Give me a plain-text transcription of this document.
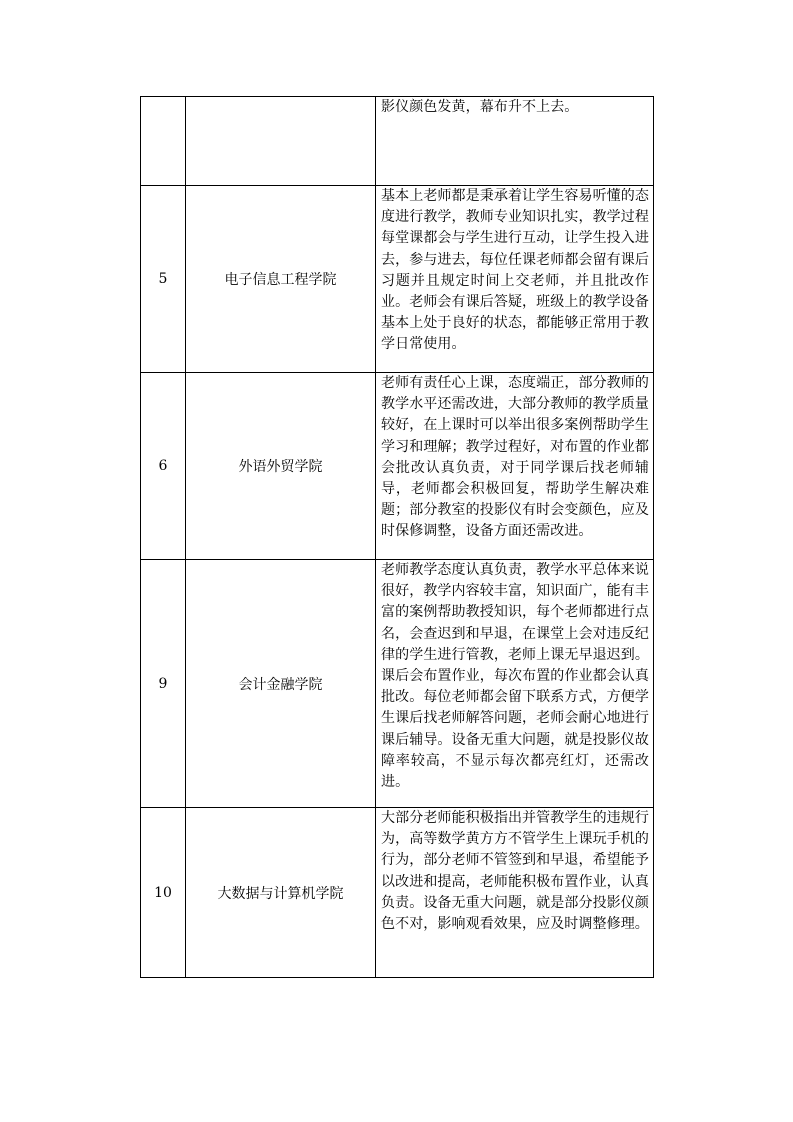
		影仪颜色发黄，幕布升不上去。

5	电子信息工程学院	基本上老师都是秉承着让学生容易听懂的态度进行教学，教师专业知识扎实，教学过程每堂课都会与学生进行互动，让学生投入进去，参与进去，每位任课老师都会留有课后习题并且规定时间上交老师，并且批改作业。老师会有课后答疑，班级上的教学设备基本上处于良好的状态，都能够正常用于教学日常使用。

6	外语外贸学院	老师有责任心上课，态度端正，部分教师的教学水平还需改进，大部分教师的教学质量较好，在上课时可以举出很多案例帮助学生学习和理解；教学过程好，对布置的作业都会批改认真负责，对于同学课后找老师辅导，老师都会积极回复，帮助学生解决难题；部分教室的投影仪有时会变颜色，应及时保修调整，设备方面还需改进。

9	会计金融学院	老师教学态度认真负责，教学水平总体来说很好，教学内容较丰富，知识面广，能有丰富的案例帮助教授知识，每个老师都进行点名，会查迟到和早退，在课堂上会对违反纪律的学生进行管教，老师上课无早退迟到。课后会布置作业，每次布置的作业都会认真批改。每位老师都会留下联系方式，方便学生课后找老师解答问题，老师会耐心地进行课后辅导。设备无重大问题，就是投影仪故障率较高，不显示每次都亮红灯，还需改进。

10	大数据与计算机学院	大部分老师能积极指出并管教学生的违规行为，高等数学黄方方不管学生上课玩手机的行为，部分老师不管签到和早退，希望能予以改进和提高，老师能积极布置作业，认真负责。设备无重大问题，就是部分投影仪颜色不对，影响观看效果，应及时调整修理。
